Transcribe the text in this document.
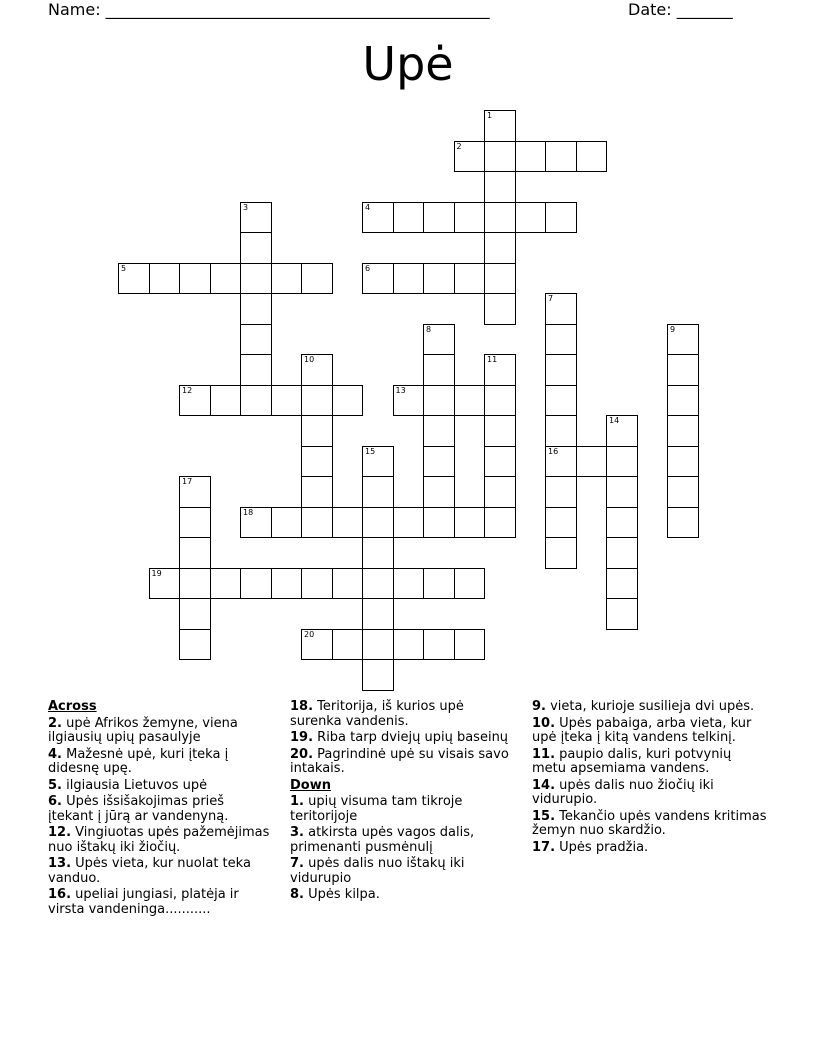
Name: ________________________________________________	Date: _______
Upė
1
2
3	4
5	6
7
16
8	9
10	11
12	13
14
15
17
18
19
20
Across
2. upė Afrikos žemyne, viena ilgiausių upių pasaulyje
4. Mažesnė upė, kuri įteka į didesnę upę.
5. ilgiausia Lietuvos upė
6. Upės išsišakojimas prieš įtekant į jūrą ar vandenyną.
12. Vingiuotas upės pažemėjimas nuo ištakų iki žiočių.
13. Upės vieta, kur nuolat teka vanduo.
16. upeliai jungiasi, platėja ir virsta vandeninga...........
18. Teritorija, iš kurios upė surenka vandenis.
19. Riba tarp dviejų upių baseinų
20. Pagrindinė upė su visais savo intakais.
Down
1. upių visuma tam tikroje teritorijoje
3. atkirsta upės vagos dalis, primenanti pusmėnulį
7. upės dalis nuo ištakų iki vidurupio
8. Upės kilpa.
9. vieta, kurioje susilieja dvi upės.
10. Upės pabaiga, arba vieta, kur upė įteka į kitą vandens telkinį.
11. paupio dalis, kuri potvynių metu apsemiama vandens.
14. upės dalis nuo žiočių iki vidurupio.
15. Tekančio upės vandens kritimas žemyn nuo skardžio.
17. Upės pradžia.
